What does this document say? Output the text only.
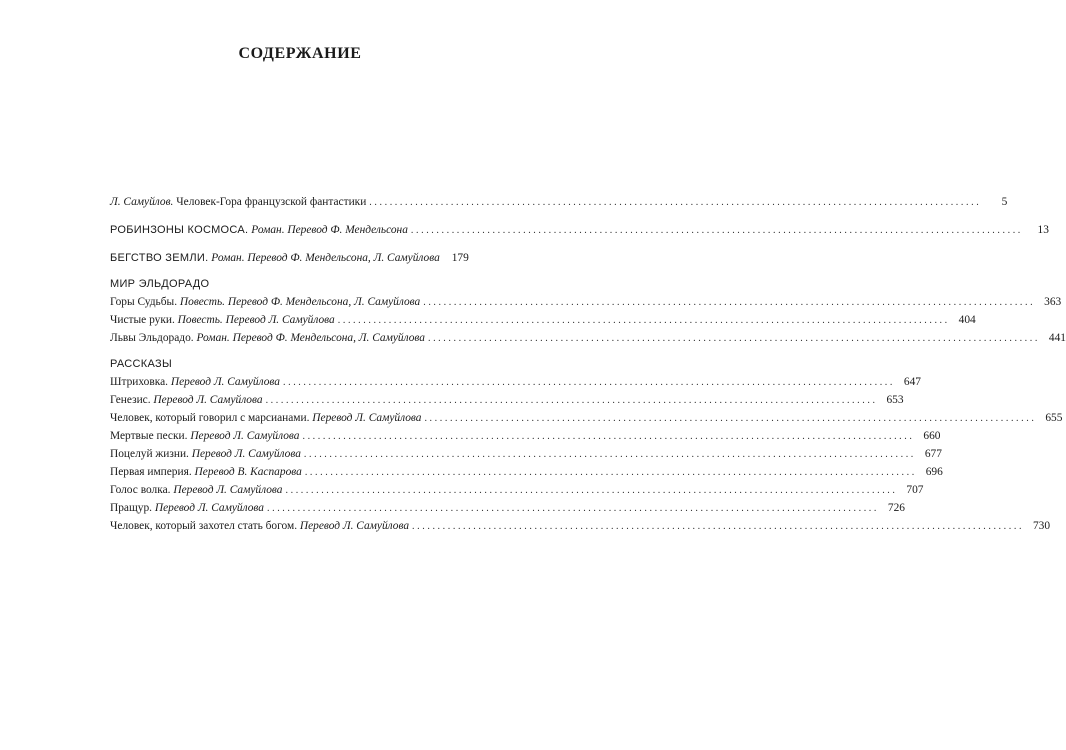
СОДЕРЖАНИЕ
Л. Самуйлов. Человек-Гора французской фантастики ........................................................................................................................	5
РОБИНЗОНЫ КОСМОСА. Роман. Перевод Ф. Мендельсона ........................................................................................................................	13
БЕГСТВО ЗЕМЛИ. Роман. Перевод Ф. Мендельсона, Л. Самуйлова	179
МИР ЭЛЬДОРАДО
Горы Судьбы. Повесть. Перевод Ф. Мендельсона, Л. Самуйлова ........................................................................................................................ 363
Чистые руки. Повесть. Перевод Л. Самуйлова ........................................................................................................................ 404
Львы Эльдорадо. Роман. Перевод Ф. Мендельсона, Л. Самуйлова ........................................................................................................................ 441
РАССКАЗЫ
Штриховка. Перевод Л. Самуйлова ........................................................................................................................ 647
Генезис. Перевод Л. Самуйлова ........................................................................................................................ 653
Человек, который говорил с марсианами. Перевод Л. Самуйлова ........................................................................................................................ 655
Мертвые пески. Перевод Л. Самуйлова ........................................................................................................................ 660
Поцелуй жизни. Перевод Л. Самуйлова ........................................................................................................................ 677
Первая империя. Перевод В. Каспарова ........................................................................................................................ 696
Голос волка. Перевод Л. Самуйлова ........................................................................................................................ 707
Пращур. Перевод Л. Самуйлова ........................................................................................................................ 726
Человек, который захотел стать богом. Перевод Л. Самуйлова ........................................................................................................................ 730
